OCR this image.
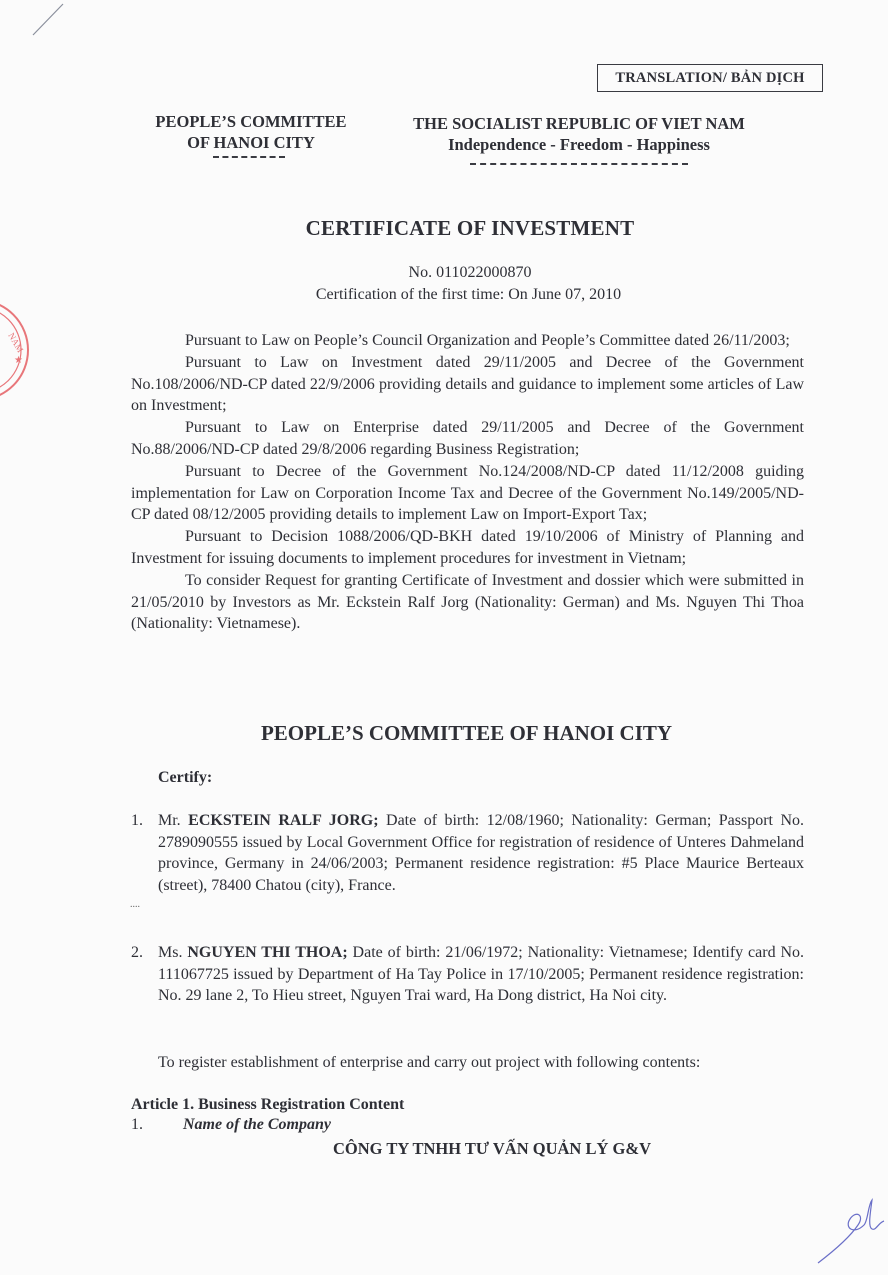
NAM
★
TRANSLATION/ BẢN DỊCH
PEOPLE’S COMMITTEE
OF HANOI CITY
THE SOCIALIST REPUBLIC OF VIET NAM
Independence - Freedom - Happiness
CERTIFICATE OF INVESTMENT
No. 011022000870
Certification of the first time: On June 07, 2010

Pursuant to Law on People’s Council Organization and People’s Committee dated 26/11/2003;

Pursuant to Law on Investment dated 29/11/2005 and Decree of the Government No.108/2006/ND-CP dated 22/9/2006 providing details and guidance to implement some articles of Law on Investment;

Pursuant to Law on Enterprise dated 29/11/2005 and Decree of the Government No.88/2006/ND-CP dated 29/8/2006 regarding Business Registration;

Pursuant to Decree of the Government No.124/2008/ND-CP dated 11/12/2008 guiding implementation for Law on Corporation Income Tax and Decree of the Government No.149/2005/ND-CP dated 08/12/2005 providing details to implement Law on Import-Export Tax;

Pursuant to Decision 1088/2006/QD-BKH dated 19/10/2006 of Ministry of Planning and Investment for issuing documents to implement procedures for investment in Vietnam;

To consider Request for granting Certificate of Investment and dossier which were submitted in 21/05/2010 by Investors as Mr. Eckstein Ralf Jorg (Nationality: German) and Ms. Nguyen Thi Thoa (Nationality: Vietnamese).

PEOPLE’S COMMITTEE OF HANOI CITY
Certify:
1. Mr. ECKSTEIN RALF JORG; Date of birth: 12/08/1960; Nationality: German; Passport No. 2789090555 issued by Local Government Office for registration of residence of Unteres Dahmeland province, Germany in 24/06/2003; Permanent residence registration: #5 Place Maurice Berteaux (street), 78400 Chatou (city), France.
....
2. Ms. NGUYEN THI THOA; Date of birth: 21/06/1972; Nationality: Vietnamese; Identify card No. 111067725 issued by Department of Ha Tay Police in 17/10/2005; Permanent residence registration: No. 29 lane 2, To Hieu street, Nguyen Trai ward, Ha Dong district, Ha Noi city.
To register establishment of enterprise and carry out project with following contents:
Article 1. Business Registration Content
1.	Name of the Company
CÔNG TY TNHH TƯ VẤN QUẢN LÝ G&V
